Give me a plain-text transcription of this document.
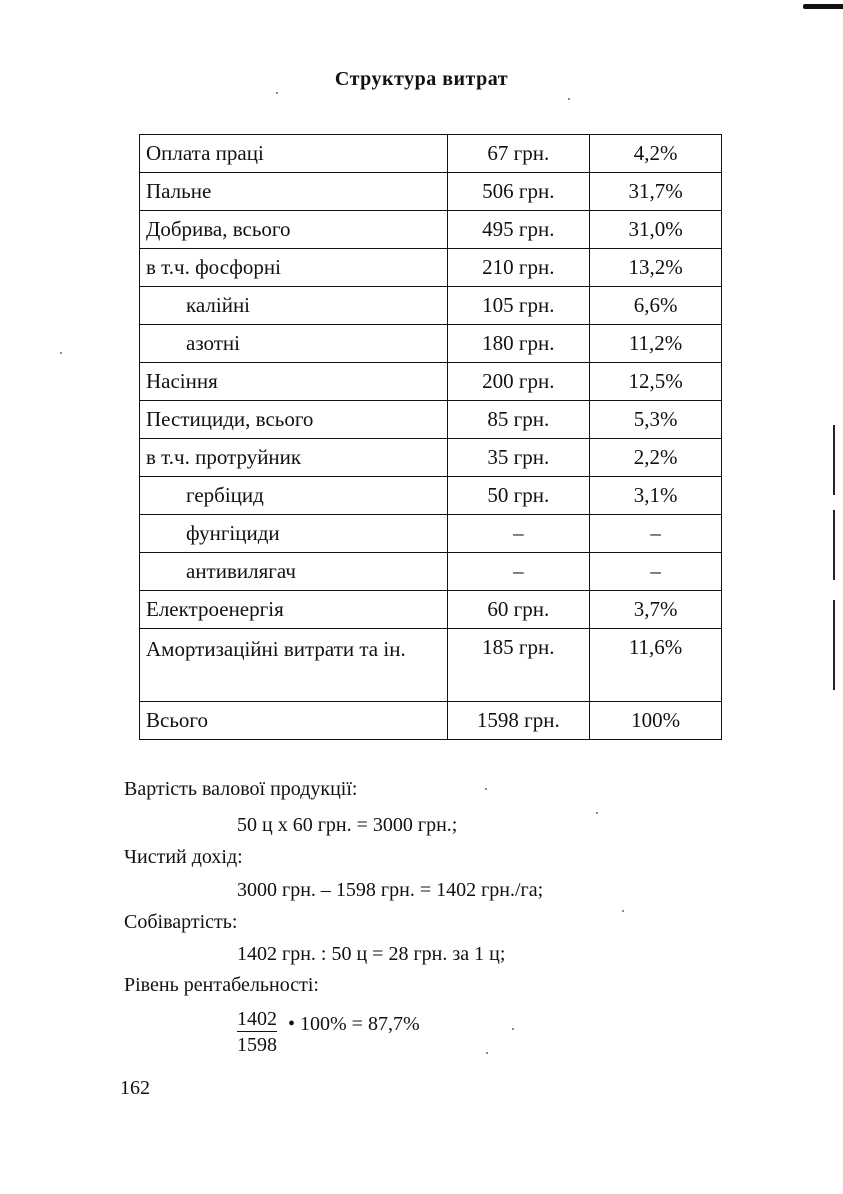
Структура витрат
Оплата праці	67 грн.	4,2%
Пальне	506 грн.	31,7%
Добрива, всього	495 грн.	31,0%
в т.ч. фосфорні	210 грн.	13,2%
калійні	105 грн.	6,6%
азотні	180 грн.	11,2%
Насіння	200 грн.	12,5%
Пестициди, всього	85 грн.	5,3%
в т.ч. протруйник	35 грн.	2,2%
гербіцид	50 грн.	3,1%
фунгіциди	–	–
антивилягач	–	–
Електроенергія	60 грн.	3,7%
Амортизаційні витрати та ін.	185 грн.	11,6%
Всього	1598 грн.	100%
Вартість валової продукції:
50 ц х 60 грн. = 3000 грн.;
Чистий дохід:
3000 грн. – 1598 грн. = 1402 грн./га;
Собівартість:
1402 грн. : 50 ц = 28 грн. за 1 ц;
Рівень рентабельності:
$\frac{1402}{1598}$ • 100% = 87,7%
162
